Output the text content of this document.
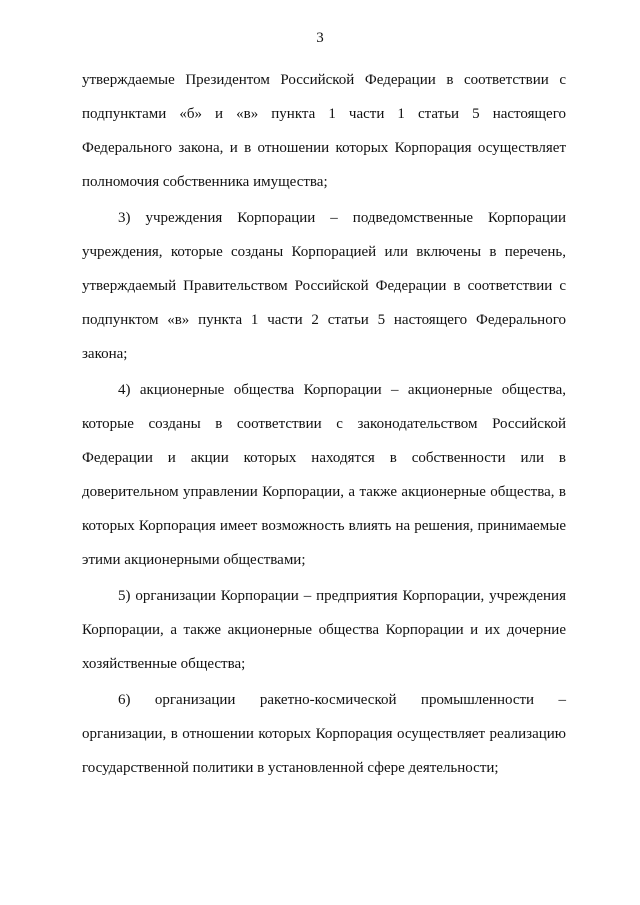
3

утверждаемые Президентом Российской Федерации в соответствии с
подпунктами «б» и «в» пункта 1 части 1 статьи 5 настоящего
Федерального закона, и в отношении которых Корпорация осуществляет
полномочия собственника имущества;

3) учреждения Корпорации – подведомственные Корпорации
учреждения, которые созданы Корпорацией или включены в перечень,
утверждаемый Правительством Российской Федерации в соответствии с
подпунктом «в» пункта 1 части 2 статьи 5 настоящего Федерального
закона;

4) акционерные общества Корпорации – акционерные общества,
которые созданы в соответствии с законодательством Российской
Федерации и акции которых находятся в собственности или в
доверительном управлении Корпорации, а также акционерные общества, в
которых Корпорация имеет возможность влиять на решения, принимаемые
этими акционерными обществами;

5) организации Корпорации – предприятия Корпорации, учреждения
Корпорации, а также акционерные общества Корпорации и их дочерние
хозяйственные общества;

6) организации ракетно-космической промышленности –
организации, в отношении которых Корпорация осуществляет реализацию
государственной политики в установленной сфере деятельности;
